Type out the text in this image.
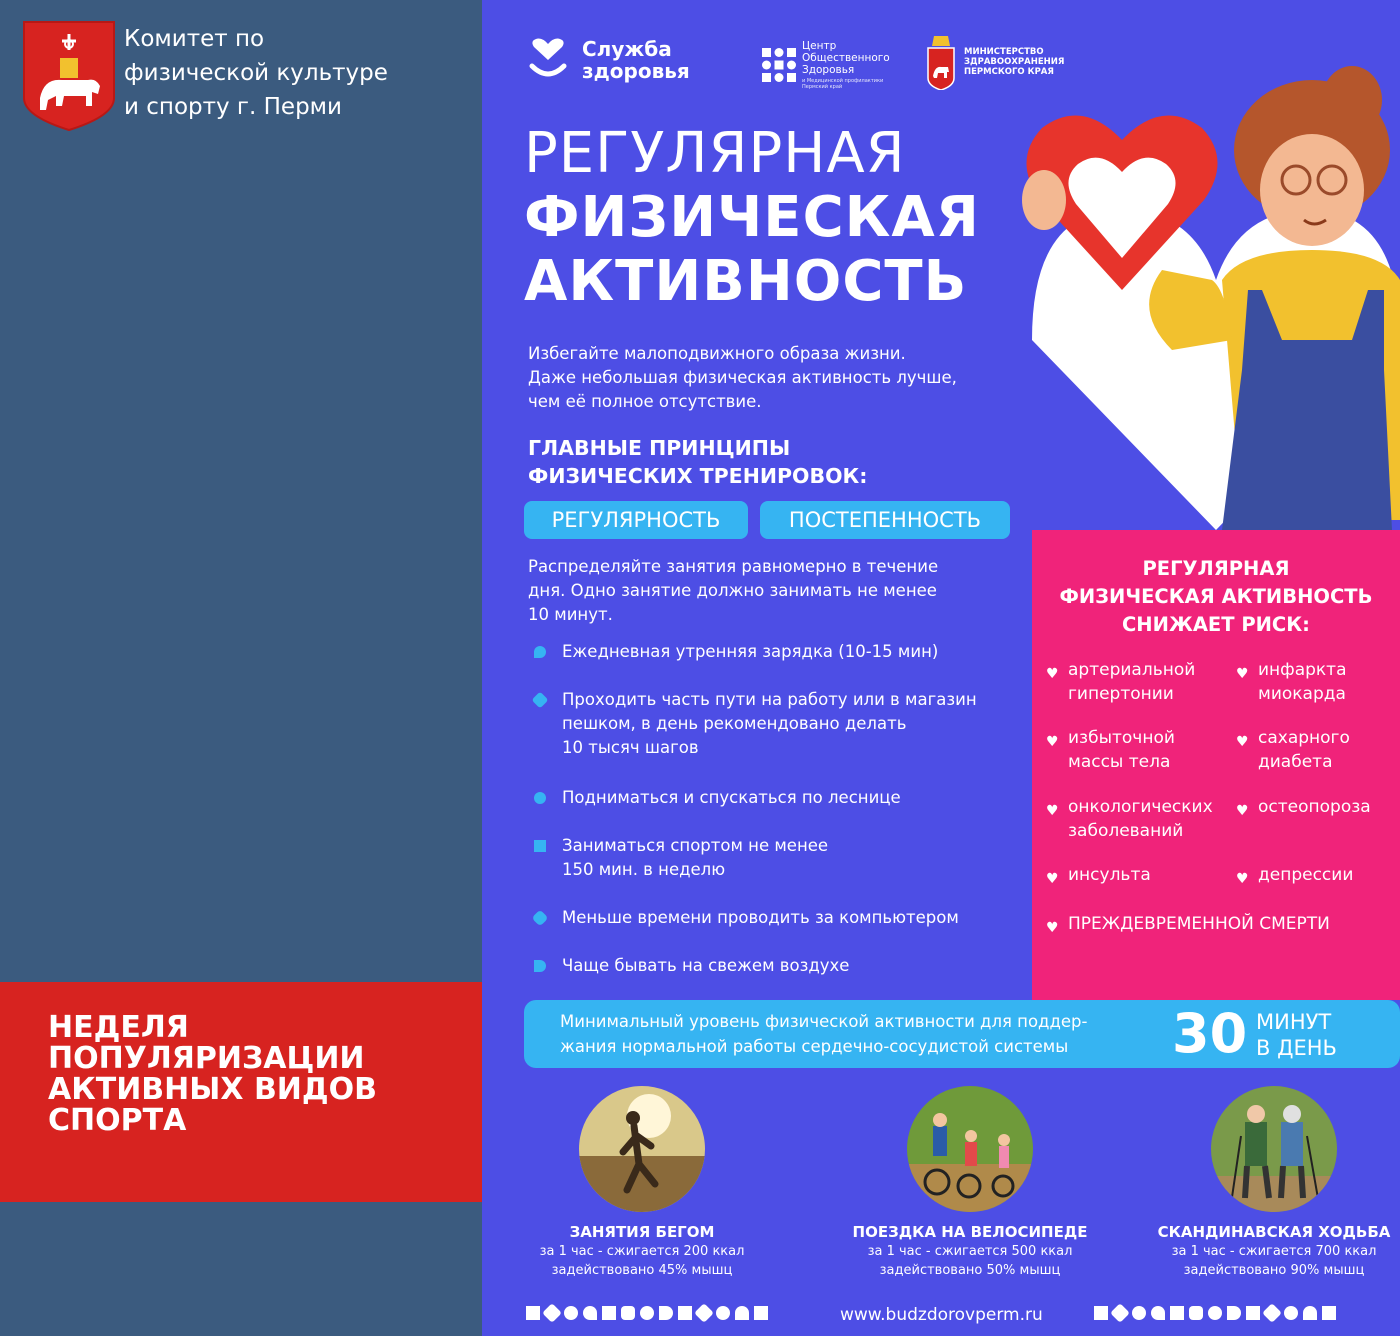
Комитет по
физической культуре
и спорту г. Перми
НЕДЕЛЯ
ПОПУЛЯРИЗАЦИИ
АКТИВНЫХ ВИДОВ
СПОРТА
Служба
здоровья
Центр
Общественного
Здоровья
и Медицинской профилактики
Пермский край
МИНИСТЕРСТВО
ЗДРАВООХРАНЕНИЯ
ПЕРМСКОГО КРАЯ
РЕГУЛЯРНАЯ
ФИЗИЧЕСКАЯ
АКТИВНОСТЬ
Избегайте малоподвижного образа жизни.
Даже небольшая физическая активность лучше,
чем её полное отсутствие.
ГЛАВНЫЕ ПРИНЦИПЫ
ФИЗИЧЕСКИХ ТРЕНИРОВОК:
РЕГУЛЯРНОСТЬ	ПОСТЕПЕННОСТЬ
Распределяйте занятия равномерно в течение
дня. Одно занятие должно занимать не менее
10 минут.
Ежедневная утренняя зарядка (10-15 мин)
Проходить часть пути на работу или в магазин
пешком, в день рекомендовано делать
10 тысяч шагов
Подниматься и спускаться по леснице
Заниматься спортом не менее
150 мин. в неделю
Меньше времени проводить за компьютером
Чаще бывать на свежем воздухе
РЕГУЛЯРНАЯ
ФИЗИЧЕСКАЯ АКТИВНОСТЬ
СНИЖАЕТ РИСК:
♥ артериальной
гипертонии
♥ инфаркта
миокарда
♥ избыточной
массы тела
♥ сахарного
диабета
♥ онкологических
заболеваний
♥ остеопороза
♥ инсульта	♥ депрессии
♥ ПРЕЖДЕВРЕМЕННОЙ СМЕРТИ
Минимальный уровень физической активности для поддер-
жания нормальной работы сердечно-сосудистой системы	30 МИНУТ
В ДЕНЬ
ЗАНЯТИЯ БЕГОМ
за 1 час - сжигается 200 ккал
задействовано 45% мышц
ПОЕЗДКА НА ВЕЛОСИПЕДЕ
за 1 час - сжигается 500 ккал
задействовано 50% мышц
СКАНДИНАВСКАЯ ХОДЬБА
за 1 час - сжигается 700 ккал
задействовано 90% мышц
www.budzdorovperm.ru
